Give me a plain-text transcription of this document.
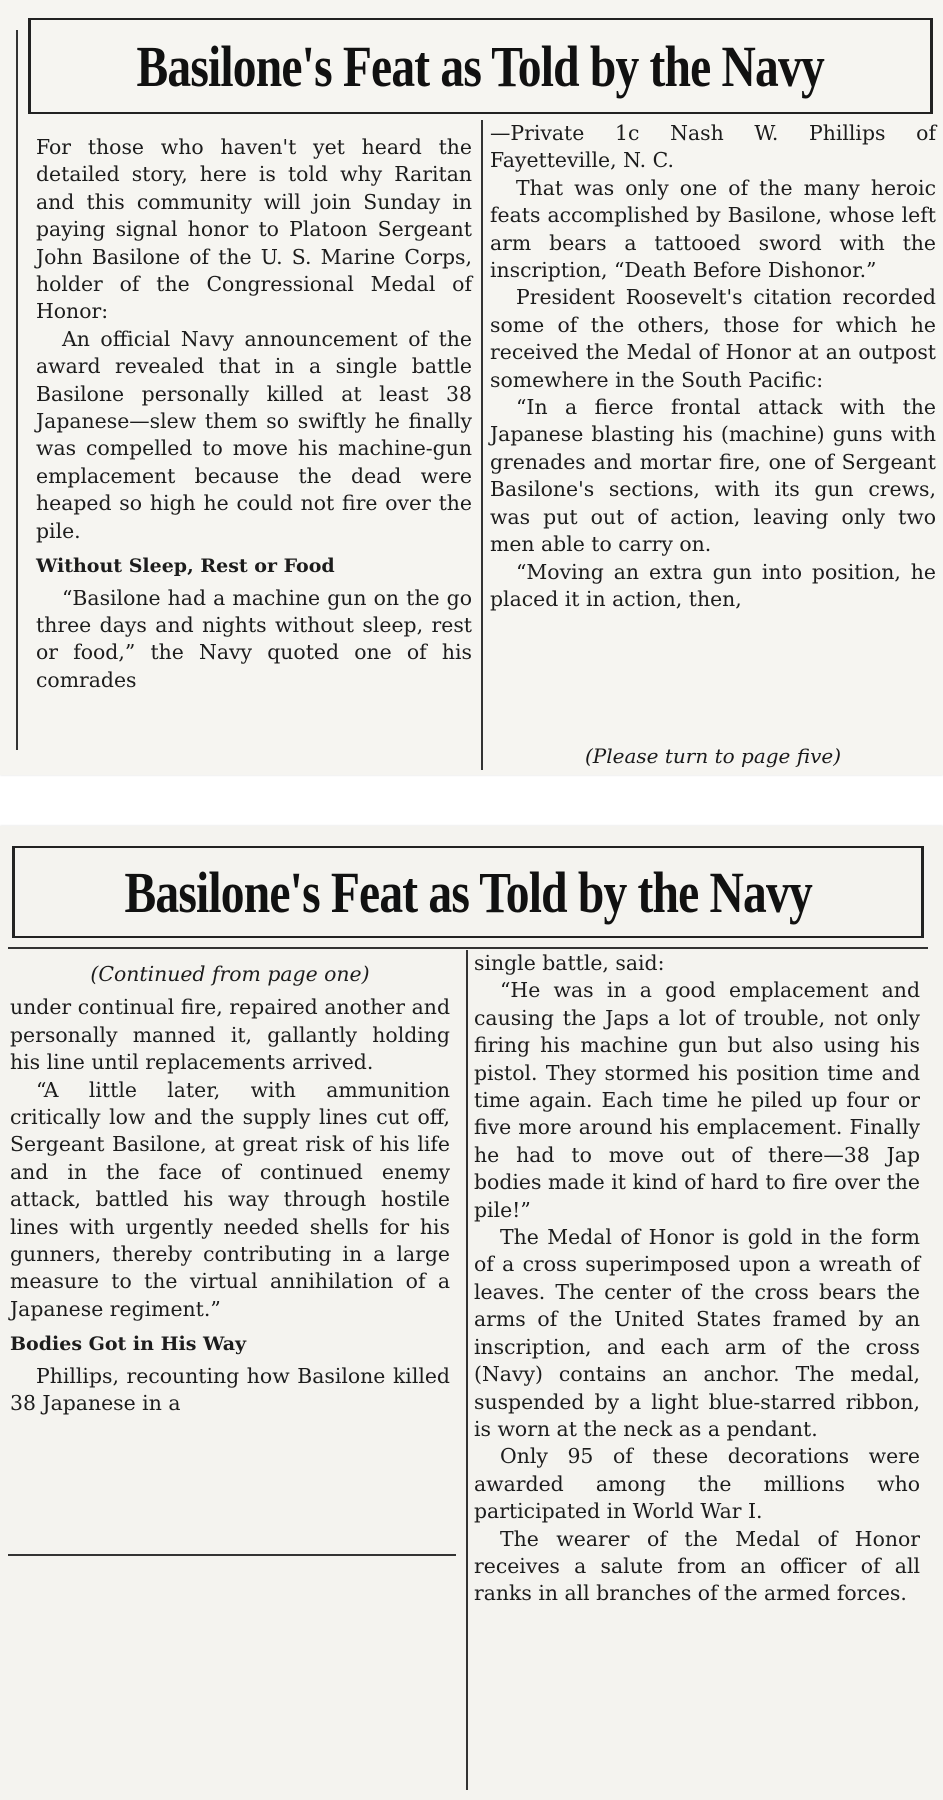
Basilone's Feat as Told by the Navy

For those who haven't yet heard the detailed story, here is told why Raritan and this community will join Sunday in paying signal honor to Platoon Sergeant John Basilone of the U. S. Marine Corps, holder of the Congressional Medal of Honor:

An official Navy announcement of the award revealed that in a single battle Basilone personally killed at least 38 Japanese—slew them so swiftly he finally was compelled to move his machine-gun emplacement because the dead were heaped so high he could not fire over the pile.

Without Sleep, Rest or Food

“Basilone had a machine gun on the go three days and nights without sleep, rest or food,” the Navy quoted one of his comrades

—Private 1c Nash W. Phillips of Fayetteville, N. C.

That was only one of the many heroic feats accomplished by Basilone, whose left arm bears a tattooed sword with the inscription, “Death Before Dishonor.”

President Roosevelt's citation recorded some of the others, those for which he received the Medal of Honor at an outpost somewhere in the South Pacific:

“In a fierce frontal attack with the Japanese blasting his (machine) guns with grenades and mortar fire, one of Sergeant Basilone's sections, with its gun crews, was put out of action, leaving only two men able to carry on.

“Moving an extra gun into position, he placed it in action, then,

(Please turn to page five)
Basilone's Feat as Told by the Navy

(Continued from page one)

under continual fire, repaired another and personally manned it, gallantly holding his line until replacements arrived.

“A little later, with ammunition critically low and the supply lines cut off, Sergeant Basilone, at great risk of his life and in the face of continued enemy attack, battled his way through hostile lines with urgently needed shells for his gunners, thereby contributing in a large measure to the virtual annihilation of a Japanese regiment.”

Bodies Got in His Way

Phillips, recounting how Basilone killed 38 Japanese in a

single battle, said:

“He was in a good emplacement and causing the Japs a lot of trouble, not only firing his machine gun but also using his pistol. They stormed his position time and time again. Each time he piled up four or five more around his emplacement. Finally he had to move out of there—38 Jap bodies made it kind of hard to fire over the pile!”

The Medal of Honor is gold in the form of a cross superimposed upon a wreath of leaves. The center of the cross bears the arms of the United States framed by an inscription, and each arm of the cross (Navy) contains an anchor. The medal, suspended by a light blue-starred ribbon, is worn at the neck as a pendant.

Only 95 of these decorations were awarded among the millions who participated in World War I.

The wearer of the Medal of Honor receives a salute from an officer of all ranks in all branches of the armed forces.
